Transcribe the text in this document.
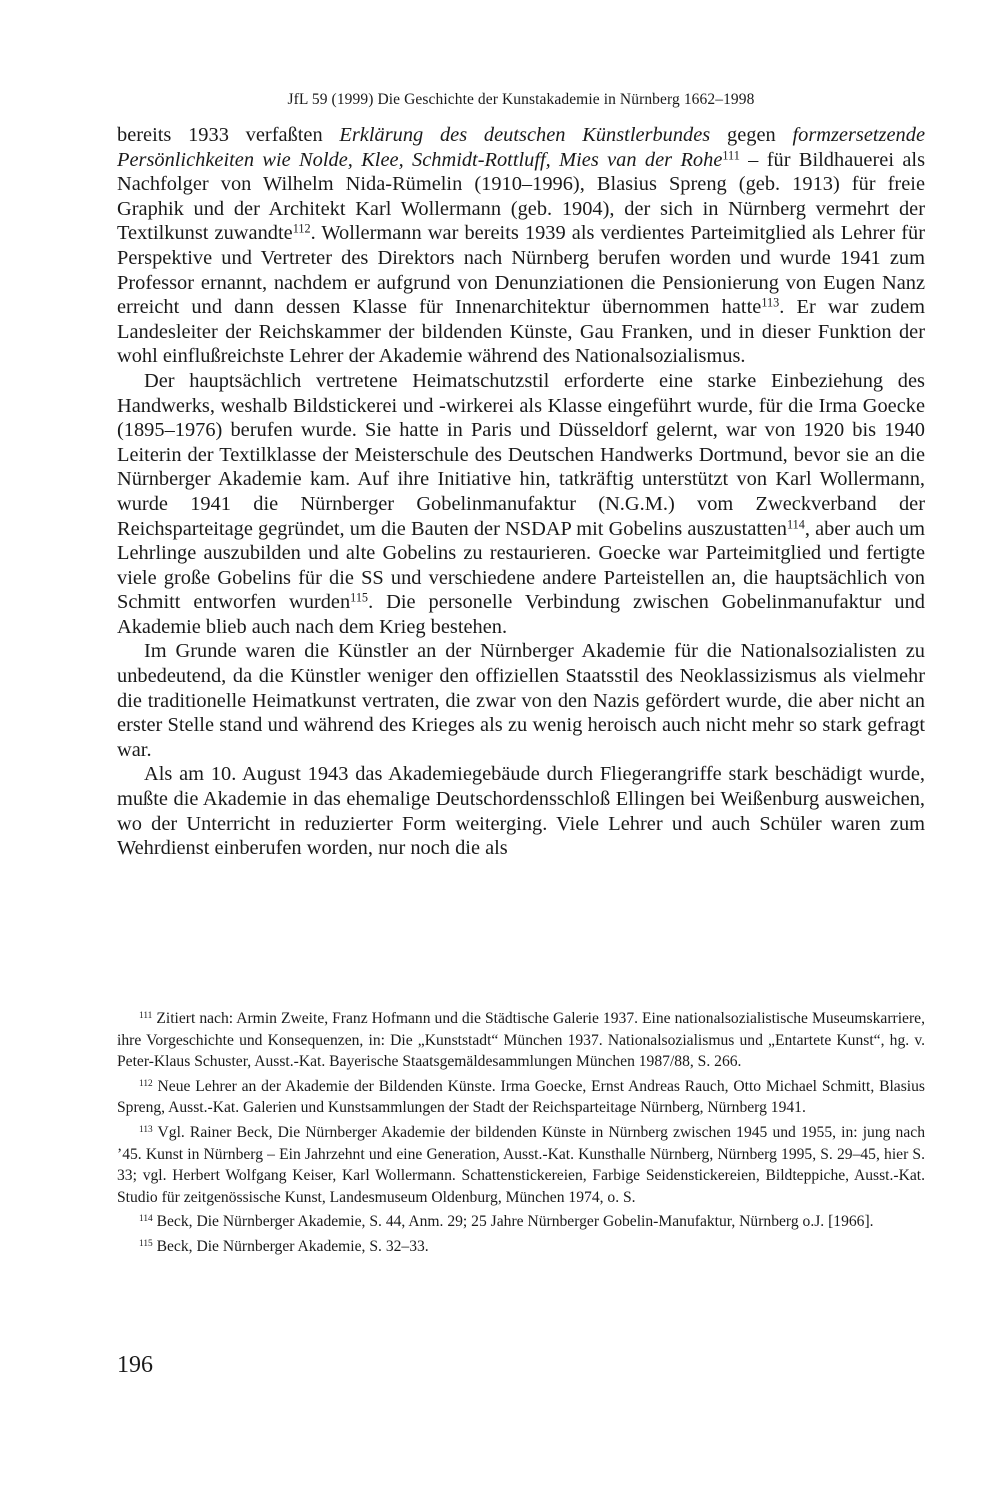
JfL 59 (1999) Die Geschichte der Kunstakademie in Nürnberg 1662–1998

bereits 1933 verfaßten Erklärung des deutschen Künstlerbundes gegen formzersetzende Persönlichkeiten wie Nolde, Klee, Schmidt-Rottluff, Mies van der Rohe$^{111}$ – für Bildhauerei als Nachfolger von Wilhelm Nida-Rümelin (1910–1996), Blasius Spreng (geb. 1913) für freie Graphik und der Architekt Karl Wollermann (geb. 1904), der sich in Nürnberg vermehrt der Textilkunst zuwandte$^{112}$. Wollermann war bereits 1939 als verdientes Parteimitglied als Lehrer für Perspektive und Vertreter des Direktors nach Nürnberg berufen worden und wurde 1941 zum Professor ernannt, nachdem er aufgrund von Denunziationen die Pensionierung von Eugen Nanz erreicht und dann dessen Klasse für Innenarchitektur übernommen hatte$^{113}$. Er war zudem Landesleiter der Reichskammer der bildenden Künste, Gau Franken, und in dieser Funktion der wohl einflußreichste Lehrer der Akademie während des Nationalsozialismus.

Der hauptsächlich vertretene Heimatschutzstil erforderte eine starke Einbeziehung des Handwerks, weshalb Bildstickerei und -wirkerei als Klasse eingeführt wurde, für die Irma Goecke (1895–1976) berufen wurde. Sie hatte in Paris und Düsseldorf gelernt, war von 1920 bis 1940 Leiterin der Textilklasse der Meisterschule des Deutschen Handwerks Dortmund, bevor sie an die Nürnberger Akademie kam. Auf ihre Initiative hin, tatkräftig unterstützt von Karl Wollermann, wurde 1941 die Nürnberger Gobelinmanufaktur (N.G.M.) vom Zweckverband der Reichsparteitage gegründet, um die Bauten der NSDAP mit Gobelins auszustatten$^{114}$, aber auch um Lehrlinge auszubilden und alte Gobelins zu restaurieren. Goecke war Parteimitglied und fertigte viele große Gobelins für die SS und verschiedene andere Parteistellen an, die hauptsächlich von Schmitt entworfen wurden$^{115}$. Die personelle Verbindung zwischen Gobelinmanufaktur und Akademie blieb auch nach dem Krieg bestehen.

Im Grunde waren die Künstler an der Nürnberger Akademie für die Nationalsozialisten zu unbedeutend, da die Künstler weniger den offiziellen Staatsstil des Neoklassizismus als vielmehr die traditionelle Heimatkunst vertraten, die zwar von den Nazis gefördert wurde, die aber nicht an erster Stelle stand und während des Krieges als zu wenig heroisch auch nicht mehr so stark gefragt war.

Als am 10. August 1943 das Akademiegebäude durch Fliegerangriffe stark beschädigt wurde, mußte die Akademie in das ehemalige Deutschordensschloß Ellingen bei Weißenburg ausweichen, wo der Unterricht in reduzierter Form weiterging. Viele Lehrer und auch Schüler waren zum Wehrdienst einberufen worden, nur noch die als

$^{111}$ Zitiert nach: Armin Zweite, Franz Hofmann und die Städtische Galerie 1937. Eine nationalsozialistische Museumskarriere, ihre Vorgeschichte und Konsequenzen, in: Die „Kunststadt“ München 1937. Nationalsozialismus und „Entartete Kunst“, hg. v. Peter-Klaus Schuster, Ausst.-Kat. Bayerische Staatsgemäldesammlungen München 1987/88, S. 266.

$^{112}$ Neue Lehrer an der Akademie der Bildenden Künste. Irma Goecke, Ernst Andreas Rauch, Otto Michael Schmitt, Blasius Spreng, Ausst.-Kat. Galerien und Kunstsammlungen der Stadt der Reichsparteitage Nürnberg, Nürnberg 1941.

$^{113}$ Vgl. Rainer Beck, Die Nürnberger Akademie der bildenden Künste in Nürnberg zwischen 1945 und 1955, in: jung nach ’45. Kunst in Nürnberg – Ein Jahrzehnt und eine Generation, Ausst.-Kat. Kunsthalle Nürnberg, Nürnberg 1995, S. 29–45, hier S. 33; vgl. Herbert Wolfgang Keiser, Karl Wollermann. Schattenstickereien, Farbige Seidenstickereien, Bildteppiche, Ausst.-Kat. Studio für zeitgenössische Kunst, Landesmuseum Oldenburg, München 1974, o. S.

$^{114}$ Beck, Die Nürnberger Akademie, S. 44, Anm. 29; 25 Jahre Nürnberger Gobelin-Manufaktur, Nürnberg o.J. [1966].

$^{115}$ Beck, Die Nürnberger Akademie, S. 32–33.

196
